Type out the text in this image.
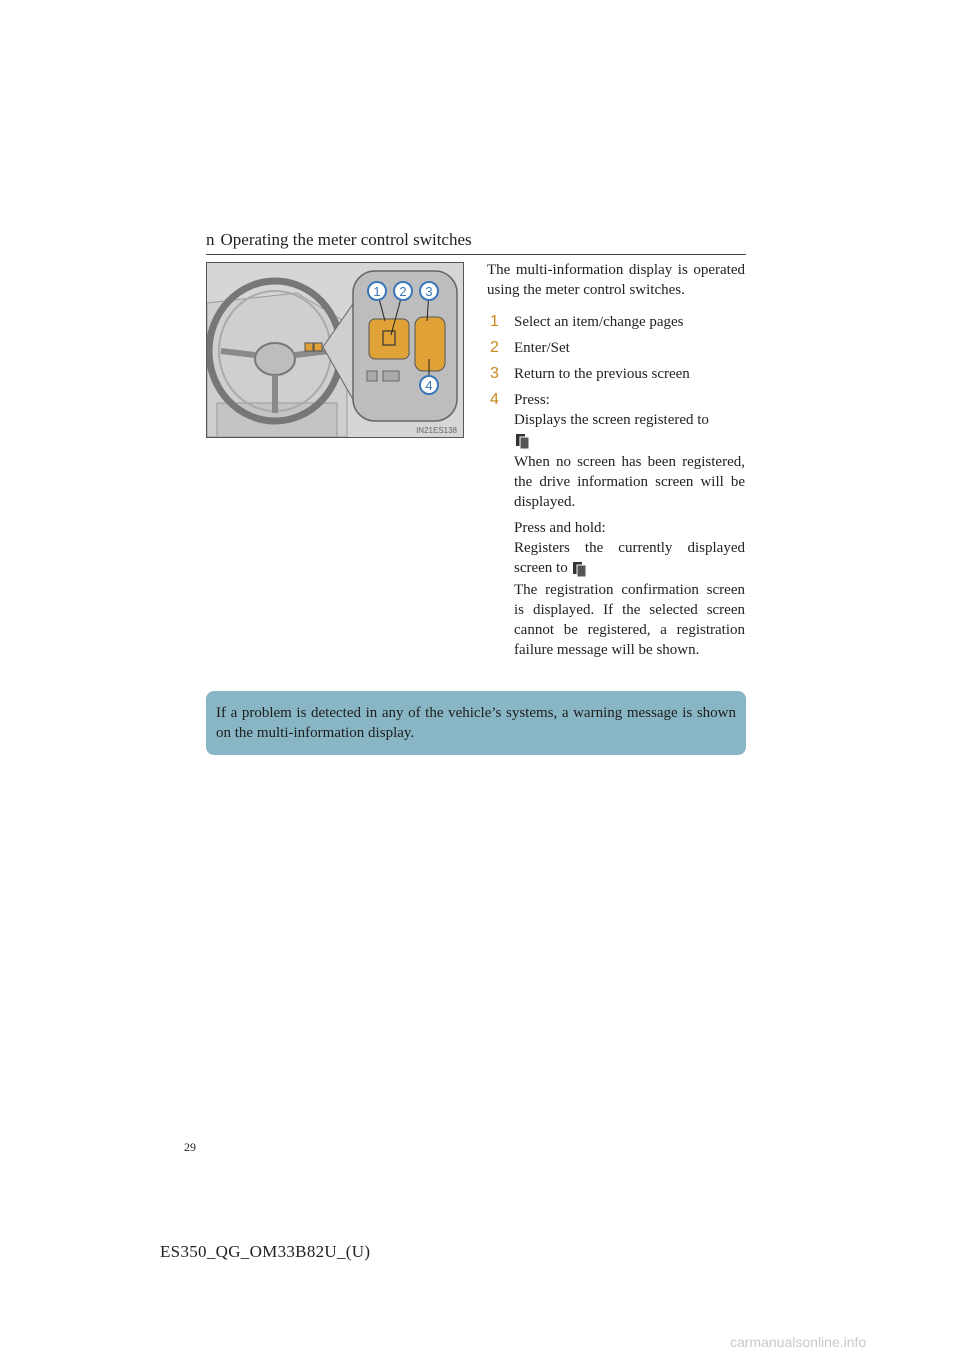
n Operating the meter control switches
1 2 3
4
IN21ES138

The multi-information display is operated using the meter control switches.

1 Select an item/change pages

2 Enter/Set

3 Return to the previous screen

4 Press:

Displays the screen registered to

When no screen has been registered, the drive information screen will be displayed.

Press and hold:

Registers the currently displayed screen to

The registration confirmation screen is displayed. If the selected screen cannot be registered, a registration failure message will be shown.

If a problem is detected in any of the vehicle’s systems, a warning message is shown on the multi-information display.
29
ES350_QG_OM33B82U_(U)
carmanualsonline.info
